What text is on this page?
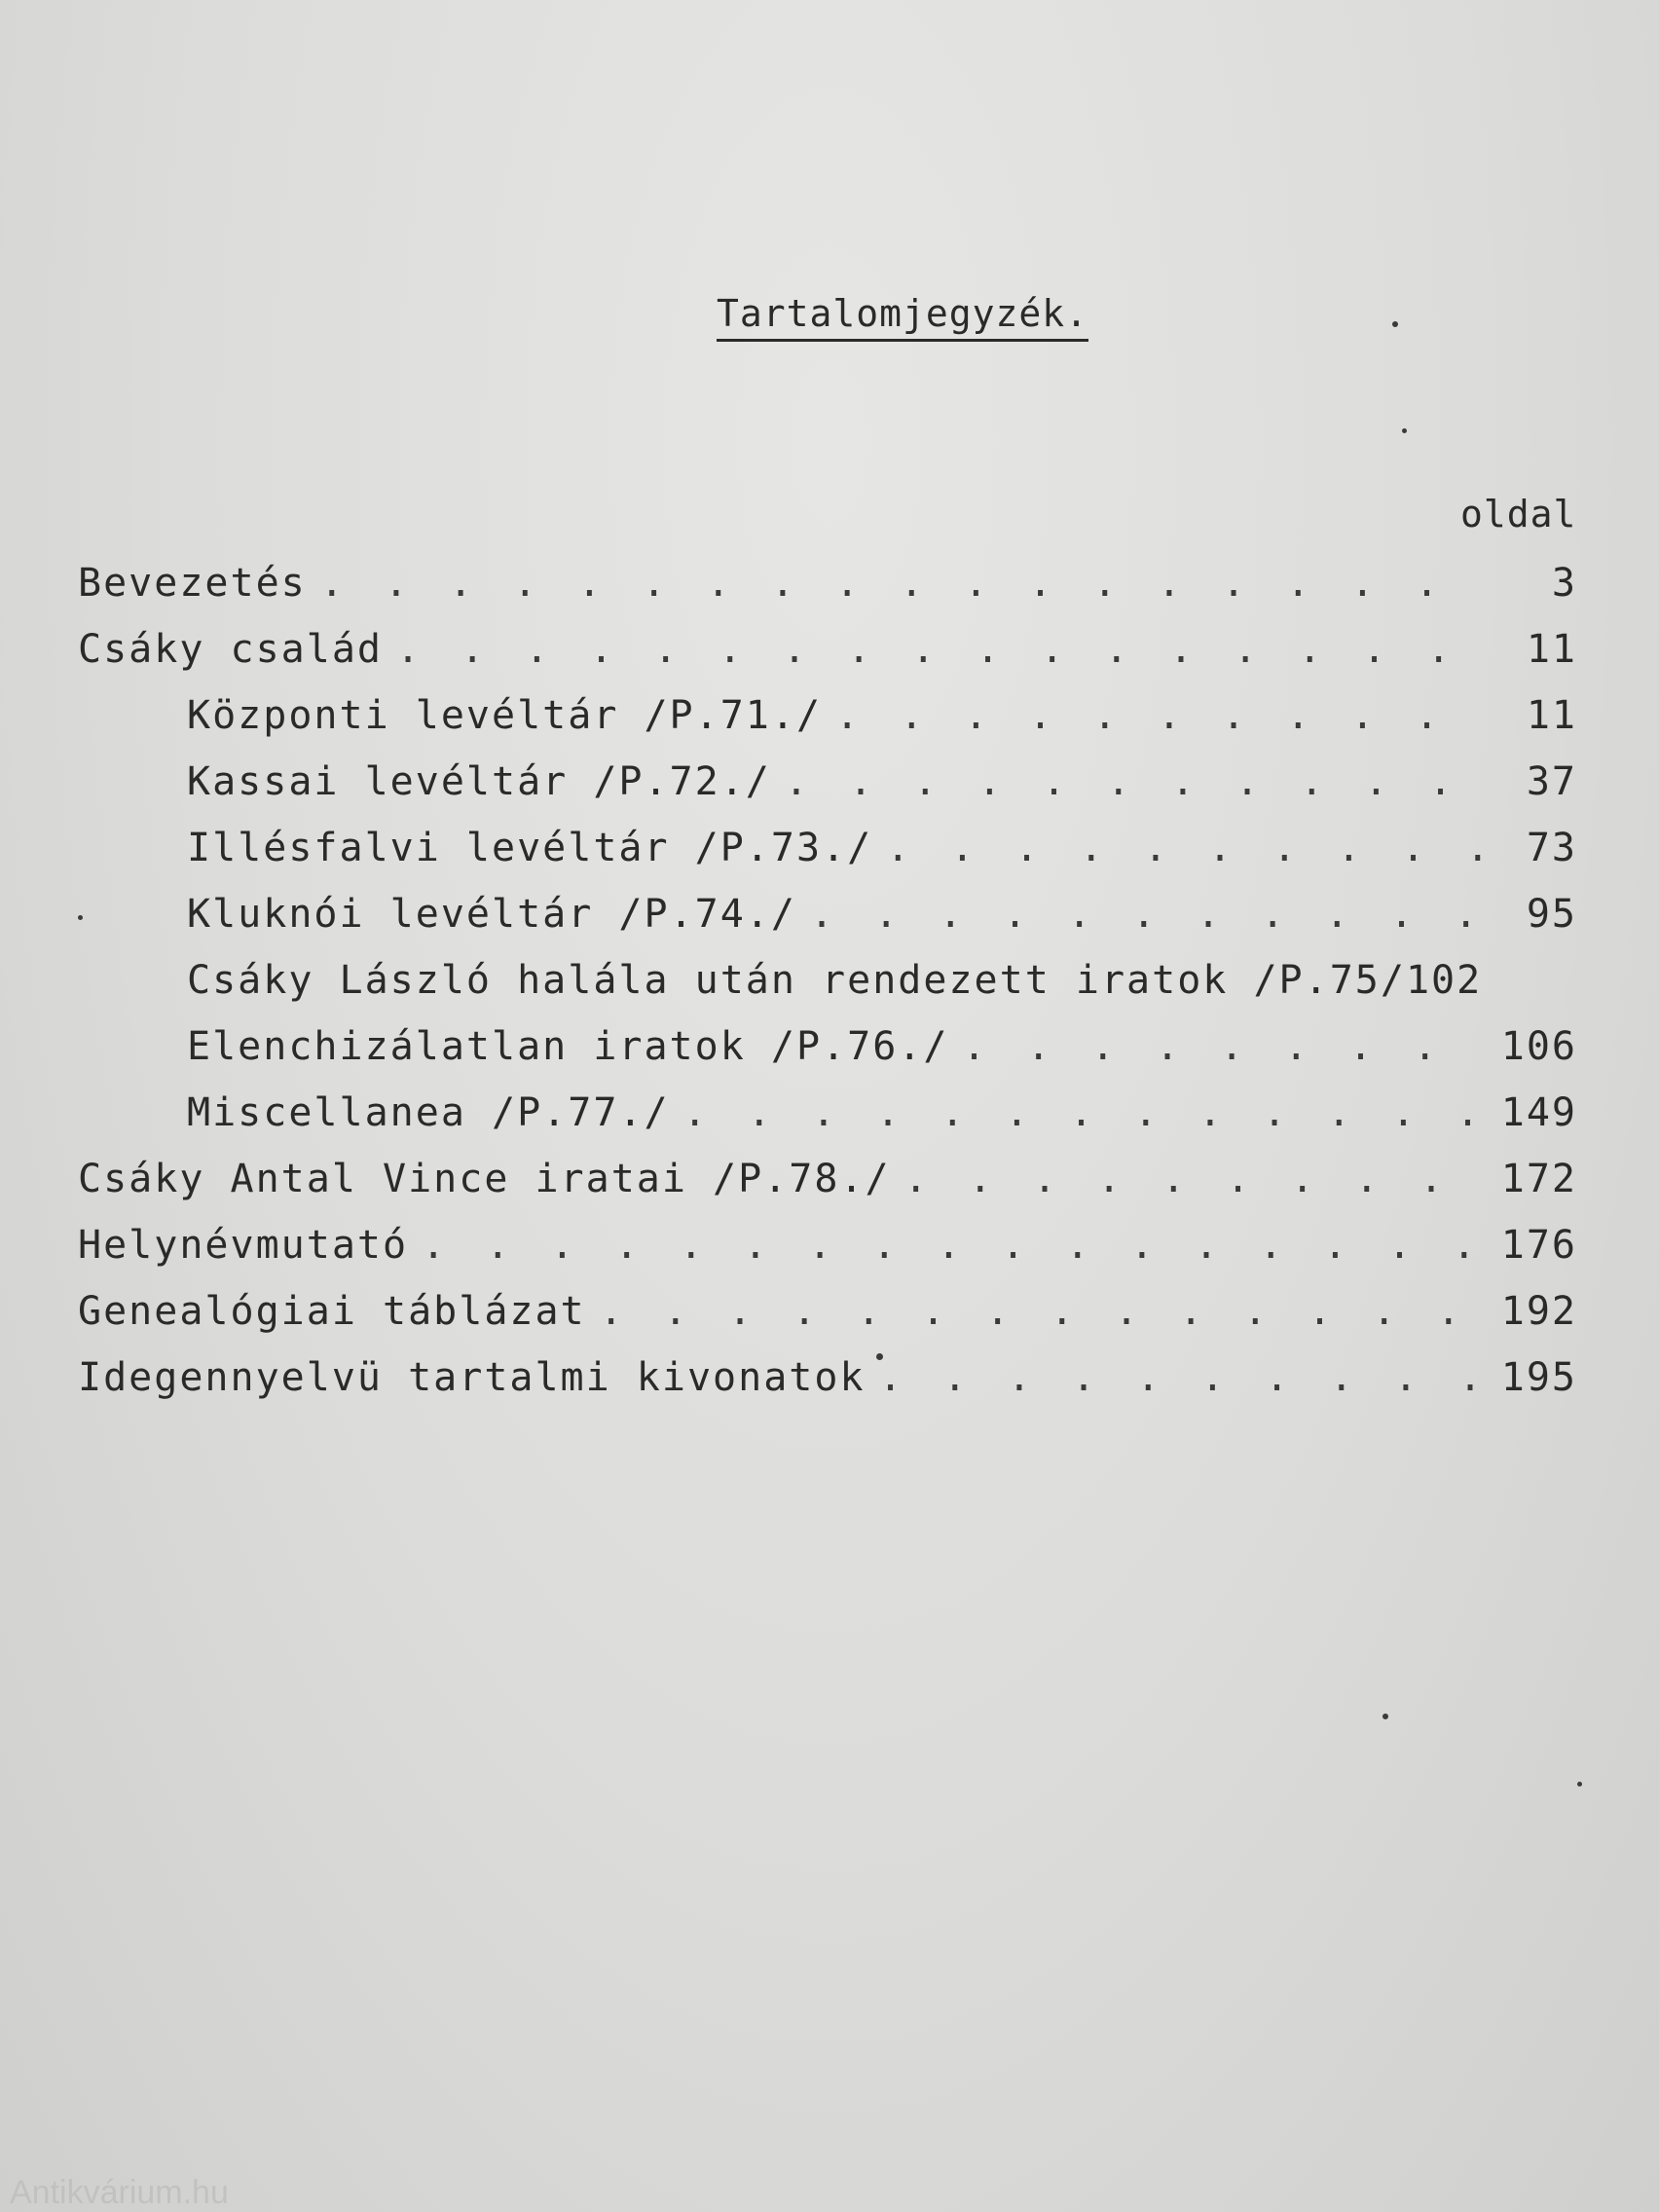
Tartalomjegyzék.
oldal
Bevezetés . . .	3
Csáky család . . .	11
Központi levéltár /P.71./ . . .	11
Kassai levéltár /P.72./ . . .	37
Illésfalvi levéltár /P.73./ . . .	73
Kluknói levéltár /P.74./ . . .	95
Csáky László halála után rendezett iratok /P.75/ 102
Elenchizálatlan iratok /P.76./ . . .	106
Miscellanea /P.77./ . . .	149
Csáky Antal Vince iratai /P.78./ . . .	172
Helynévmutató . . .	176
Genealógiai táblázat . . .	192
Idegennyelvü tartalmi kivonatok . . .	195
Antikvárium.hu
